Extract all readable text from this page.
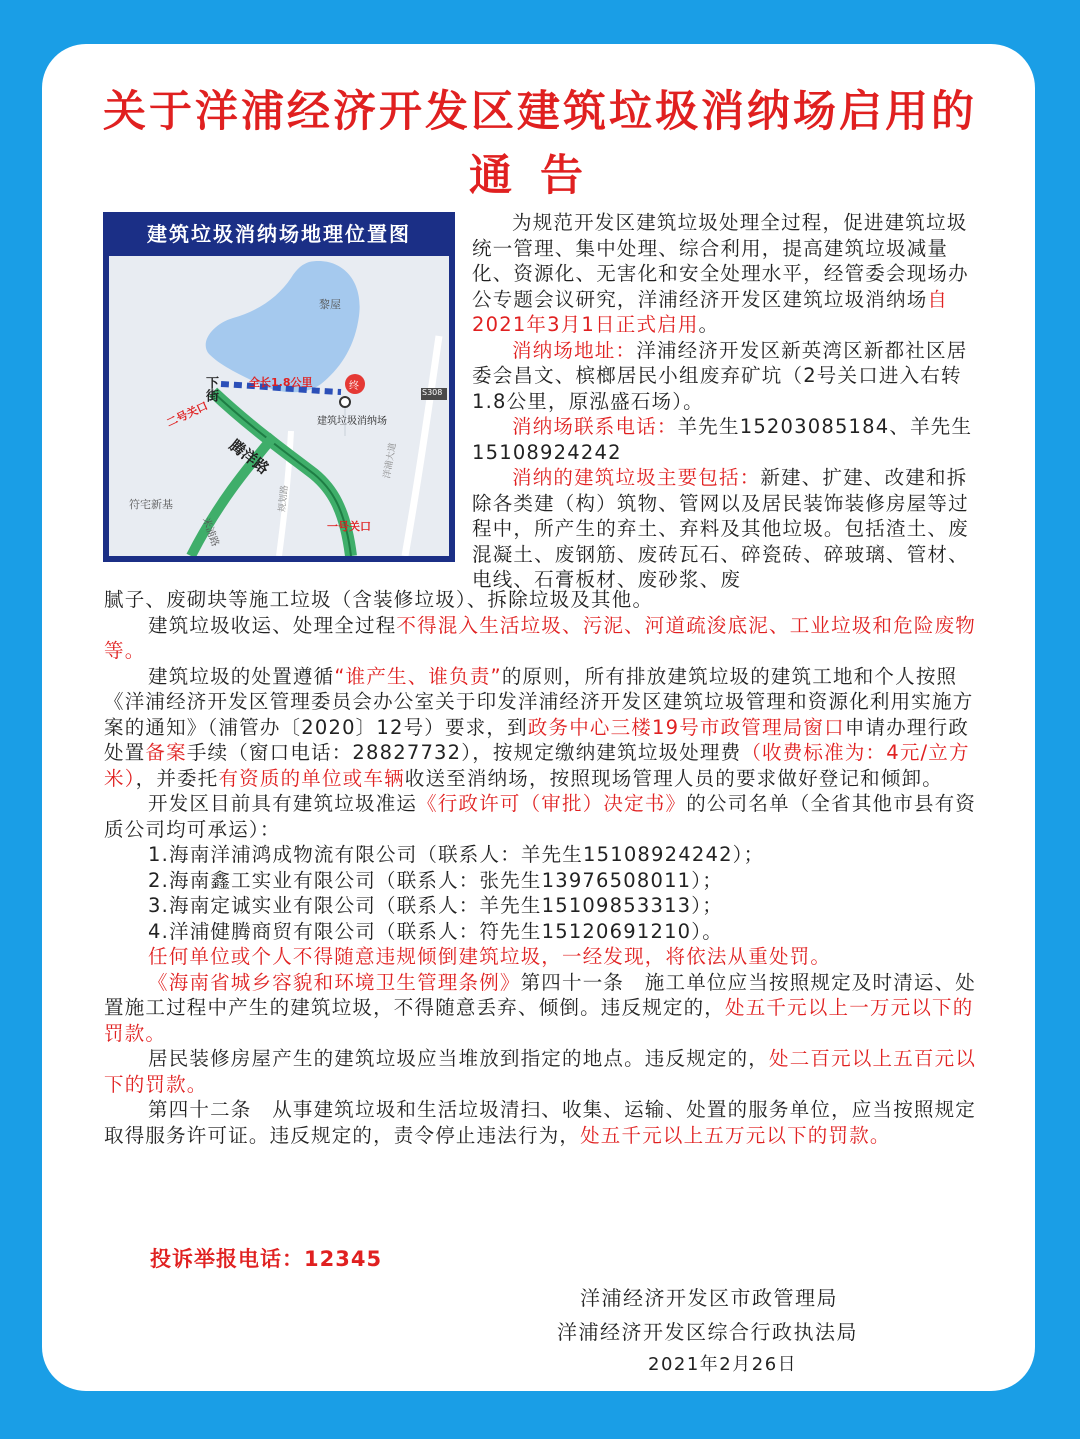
关于洋浦经济开发区建筑垃圾消纳场启用的
通告
建筑垃圾消纳场地理位置图
黎屋
全长1.8公里	终
建筑垃圾消纳场
下街
二号关口
腾洋路
一号关口
S308
符宅新基
米浦路
洋浦大道
规划路
为规范开发区建筑垃圾处理全过程，促进建筑垃圾统一管理、集中处理、综合利用，提高建筑垃圾减量化、资源化、无害化和安全处理水平，经管委会现场办公专题会议研究，洋浦经济开发区建筑垃圾消纳场自2021年3月1日正式启用。
消纳场地址：洋浦经济开发区新英湾区新都社区居委会昌文、槟榔居民小组废弃矿坑（2号关口进入右转1.8公里，原泓盛石场）。
消纳场联系电话：羊先生15203085184、羊先生15108924242
消纳的建筑垃圾主要包括：新建、扩建、改建和拆除各类建（构）筑物、管网以及居民装饰装修房屋等过程中，所产生的弃土、弃料及其他垃圾。包括渣土、废混凝土、废钢筋、废砖瓦石、碎瓷砖、碎玻璃、管材、电线、石膏板材、废砂浆、废
腻子、废砌块等施工垃圾（含装修垃圾）、拆除垃圾及其他。
建筑垃圾收运、处理全过程不得混入生活垃圾、污泥、河道疏浚底泥、工业垃圾和危险废物等。
建筑垃圾的处置遵循“谁产生、谁负责”的原则，所有排放建筑垃圾的建筑工地和个人按照《洋浦经济开发区管理委员会办公室关于印发洋浦经济开发区建筑垃圾管理和资源化利用实施方案的通知》（浦管办〔2020〕12号）要求，到政务中心三楼19号市政管理局窗口申请办理行政处置备案手续（窗口电话：28827732），按规定缴纳建筑垃圾处理费（收费标准为：4元/立方米），并委托有资质的单位或车辆收送至消纳场，按照现场管理人员的要求做好登记和倾卸。
开发区目前具有建筑垃圾准运《行政许可（审批）决定书》的公司名单（全省其他市县有资质公司均可承运）：
1.海南洋浦鸿成物流有限公司（联系人：羊先生15108924242）；
2.海南鑫工实业有限公司（联系人：张先生13976508011）；
3.海南定诚实业有限公司（联系人：羊先生15109853313）；
4.洋浦健腾商贸有限公司（联系人：符先生15120691210）。
任何单位或个人不得随意违规倾倒建筑垃圾，一经发现，将依法从重处罚。
《海南省城乡容貌和环境卫生管理条例》第四十一条　施工单位应当按照规定及时清运、处置施工过程中产生的建筑垃圾，不得随意丢弃、倾倒。违反规定的，处五千元以上一万元以下的罚款。
居民装修房屋产生的建筑垃圾应当堆放到指定的地点。违反规定的，处二百元以上五百元以下的罚款。
第四十二条　从事建筑垃圾和生活垃圾清扫、收集、运输、处置的服务单位，应当按照规定取得服务许可证。违反规定的，责令停止违法行为，处五千元以上五万元以下的罚款。
投诉举报电话：12345
洋浦经济开发区市政管理局
洋浦经济开发区综合行政执法局
2021年2月26日
